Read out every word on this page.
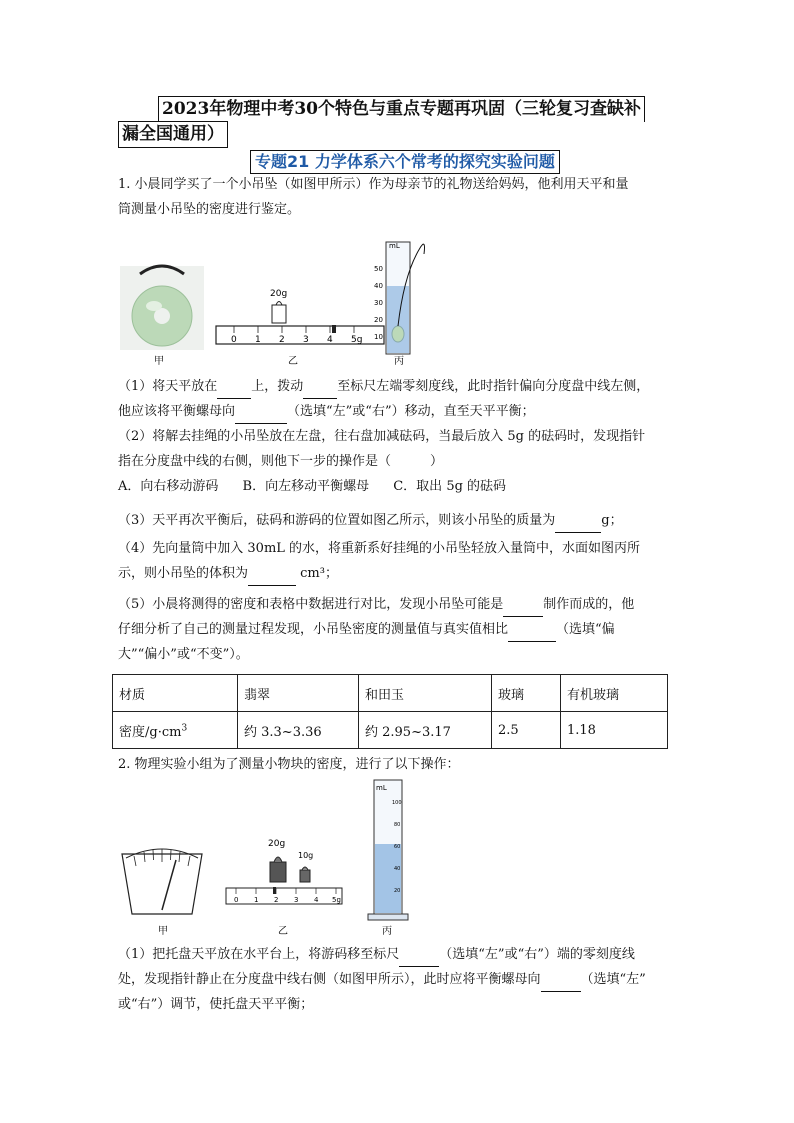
2023年物理中考30个特色与重点专题再巩固（三轮复习查缺补
漏全国通用）
专题21 力学体系六个常考的探究实验问题
1. 小晨同学买了一个小吊坠（如图甲所示）作为母亲节的礼物送给妈妈，他利用天平和量
筒测量小吊坠的密度进行鉴定。
0 1 2 3 4 5g
20g
mL
50
40
30
20
10
甲	乙	丙
（1）将天平放在	上，拨动	至标尺左端零刻度线，此时指针偏向分度盘中线左侧，
他应该将平衡螺母向	（选填“左”或“右”）移动，直至天平平衡；
（2）将解去挂绳的小吊坠放在左盘，往右盘加减砝码，当最后放入 5g 的砝码时，发现指针
指在分度盘中线的右侧，则他下一步的操作是（　　　）
A．向右移动游码 B．向左移动平衡螺母 C．取出 5g 的砝码
（3）天平再次平衡后，砝码和游码的位置如图乙所示，则该小吊坠的质量为	g；
（4）先向量筒中加入 30mL 的水，将重新系好挂绳的小吊坠轻放入量筒中，水面如图丙所
示，则小吊坠的体积为	cm³；
（5）小晨将测得的密度和表格中数据进行对比，发现小吊坠可能是	制作而成的，他
仔细分析了自己的测量过程发现，小吊坠密度的测量值与真实值相比	（选填“偏
大”“偏小”或“不变”）。
材质	翡翠	和田玉	玻璃	有机玻璃
密度$/g\cdot cm^3$	约 3.3~3.36	约 2.95~3.17	2.5	1.18
2. 物理实验小组为了测量小物块的密度，进行了以下操作：
0 1 2 3 4 5g
20g
10g
mL
100
80
60
40
20
甲	乙	丙
（1）把托盘天平放在水平台上，将游码移至标尺	（选填“左”或“右”）端的零刻度线
处，发现指针静止在分度盘中线右侧（如图甲所示），此时应将平衡螺母向	（选填“左”
或“右”）调节，使托盘天平平衡；
